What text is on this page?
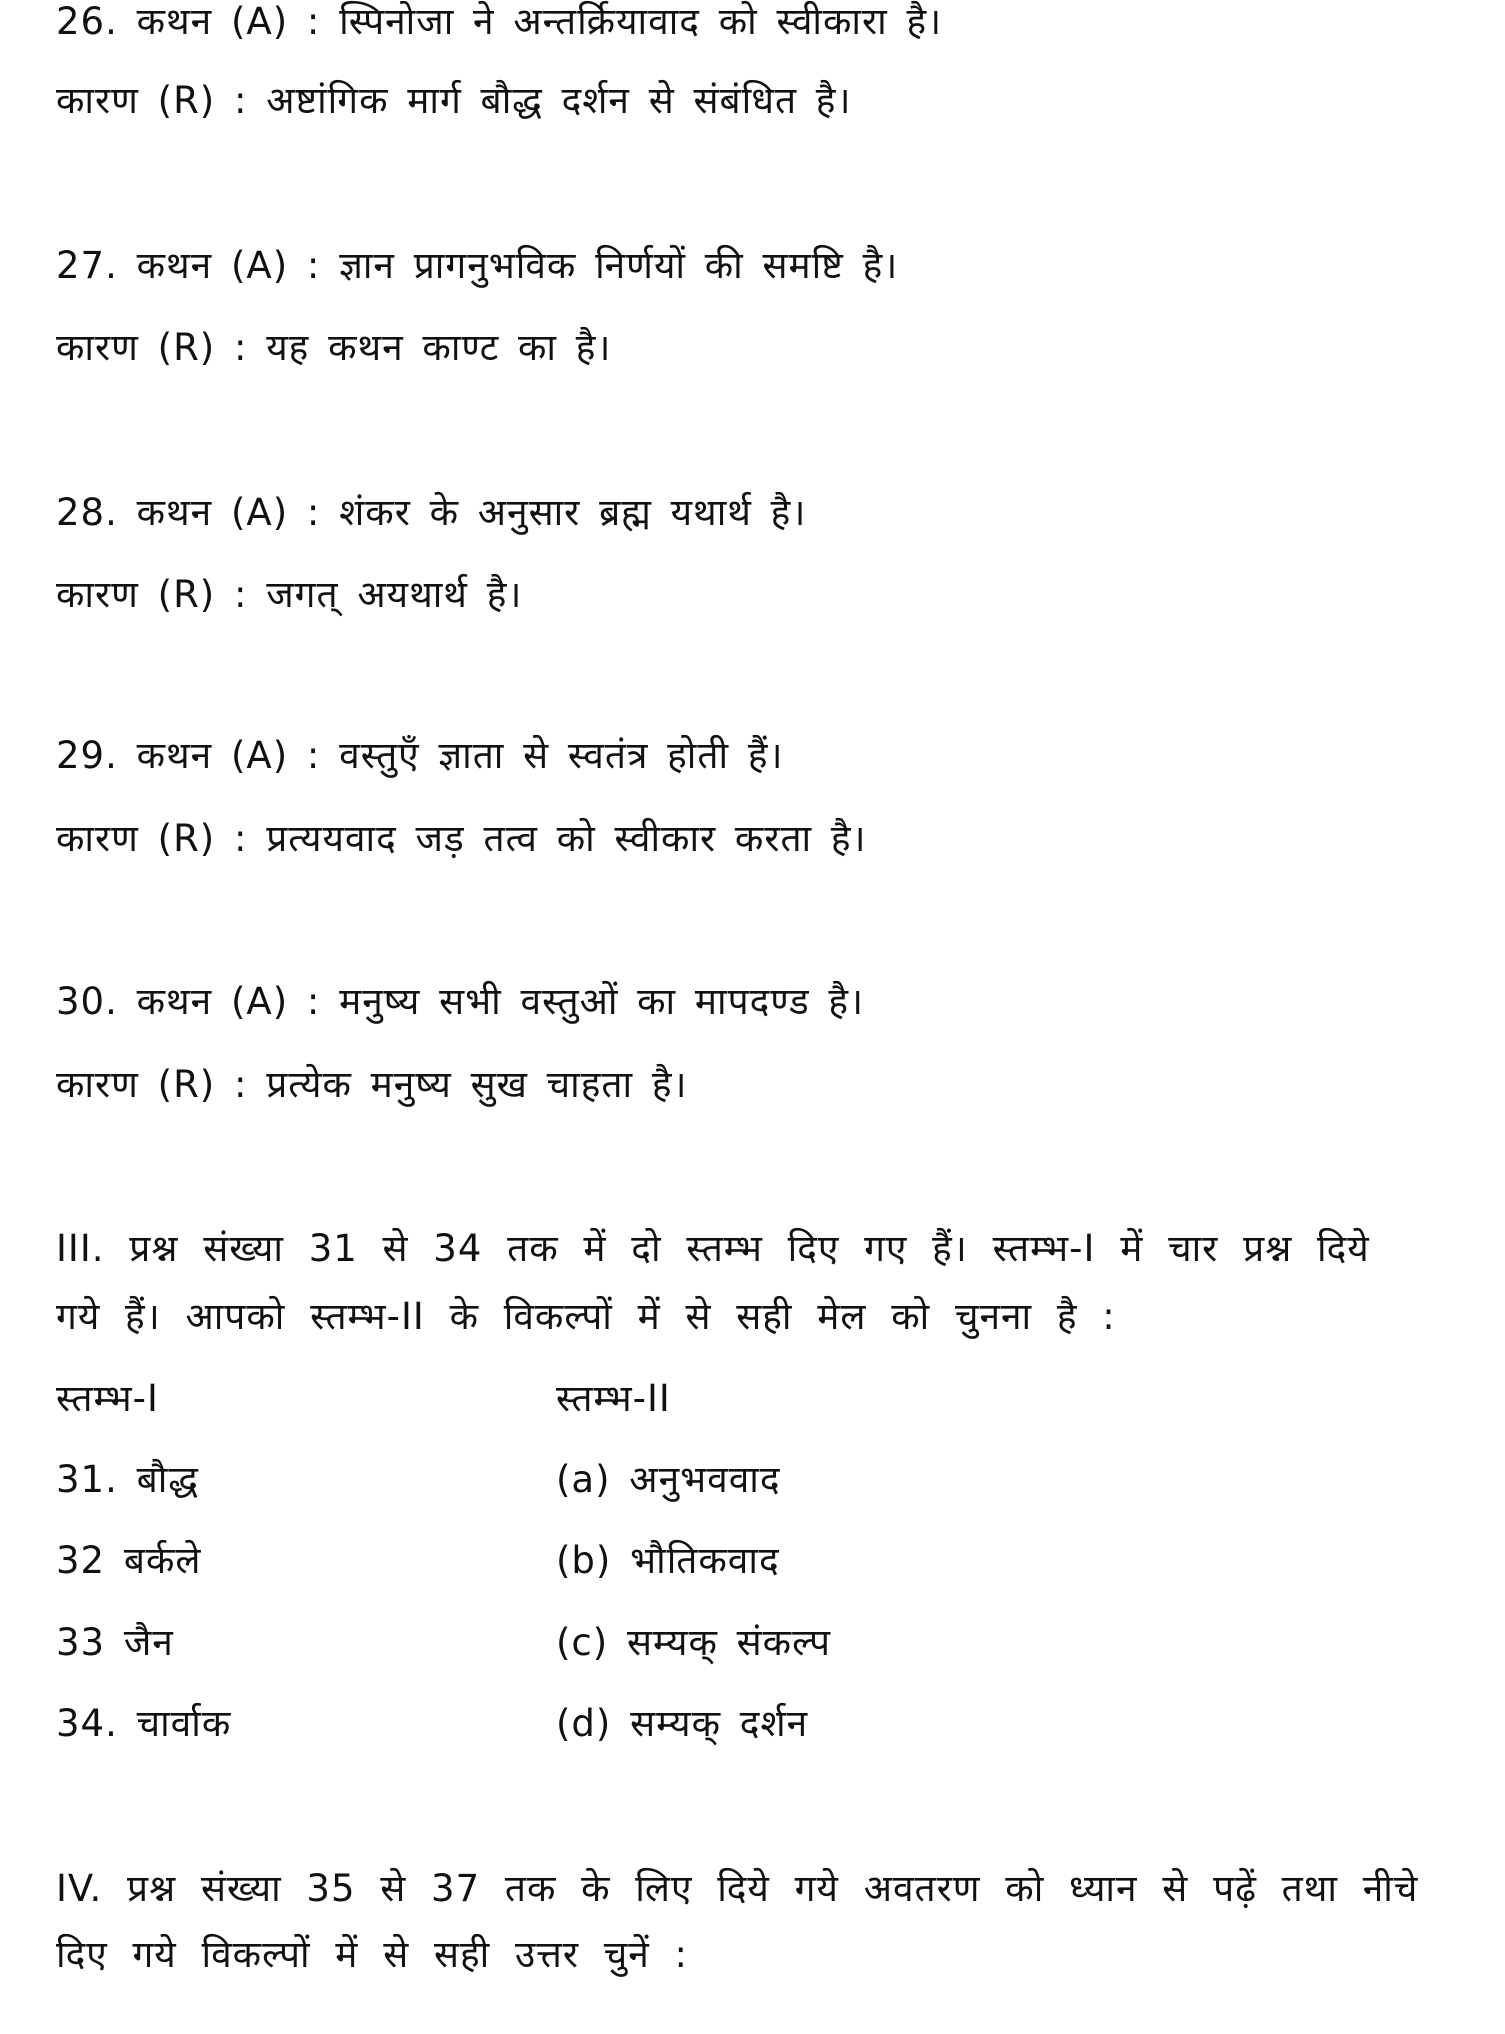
26. कथन (A) : स्पिनोजा ने अन्तर्क्रियावाद को स्वीकारा है।
कारण (R) : अष्टांगिक मार्ग बौद्ध दर्शन से संबंधित है।
27. कथन (A) : ज्ञान प्रागनुभविक निर्णयों की समष्टि है।
कारण (R) : यह कथन काण्ट का है।
28. कथन (A) : शंकर के अनुसार ब्रह्म यथार्थ है।
कारण (R) : जगत् अयथार्थ है।
29. कथन (A) : वस्तुएँ ज्ञाता से स्वतंत्र होती हैं।
कारण (R) : प्रत्ययवाद जड़ तत्व को स्वीकार करता है।
30. कथन (A) : मनुष्य सभी वस्तुओं का मापदण्ड है।
कारण (R) : प्रत्येक मनुष्य सुख चाहता है।
III. प्रश्न संख्या 31 से 34 तक में दो स्तम्भ दिए गए हैं। स्तम्भ-I में चार प्रश्न दिये
गये हैं। आपको स्तम्भ-II के विकल्पों में से सही मेल को चुनना है :
स्तम्भ-I	स्तम्भ-II
31. बौद्ध	(a) अनुभववाद
32 बर्कले	(b) भौतिकवाद
33 जैन	(c) सम्यक् संकल्प
34. चार्वाक	(d) सम्यक् दर्शन
IV. प्रश्न संख्या 35 से 37 तक के लिए दिये गये अवतरण को ध्यान से पढ़ें तथा नीचे
दिए गये विकल्पों में से सही उत्तर चुनें :
